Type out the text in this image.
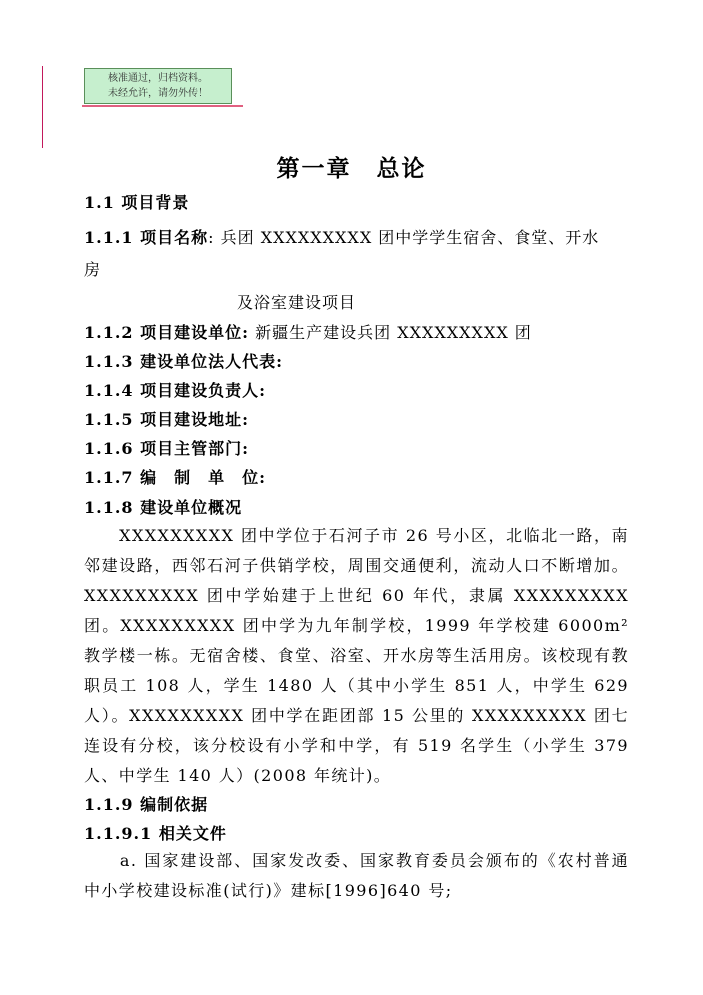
核准通过，归档资料。
未经允许，请勿外传！
第一章　总论
1.1 项目背景
1.1.1 项目名称: 兵团 XXXXXXXXX 团中学学生宿舍、食堂、开水
房
及浴室建设项目
1.1.2 项目建设单位: 新疆生产建设兵团 XXXXXXXXX 团
1.1.3 建设单位法人代表:
1.1.4 项目建设负责人:
1.1.5 项目建设地址:
1.1.6 项目主管部门:
1.1.7 编　制　单　位:
1.1.8 建设单位概况
　　XXXXXXXXX 团中学位于石河子市 26 号小区，北临北一路，南邻建设路，西邻石河子供销学校，周围交通便利，流动人口不断增加。XXXXXXXXX 团中学始建于上世纪 60 年代，隶属 XXXXXXXXX 团。XXXXXXXXX 团中学为九年制学校，1999 年学校建 6000m² 教学楼一栋。无宿舍楼、食堂、浴室、开水房等生活用房。该校现有教职员工 108 人，学生 1480 人（其中小学生 851 人，中学生 629 人）。XXXXXXXXX 团中学在距团部 15 公里的 XXXXXXXXX 团七连设有分校，该分校设有小学和中学，有 519 名学生（小学生 379 人、中学生 140 人）(2008 年统计)。
1.1.9 编制依据
1.1.9.1 相关文件
　　a. 国家建设部、国家发改委、国家教育委员会颁布的《农村普通中小学校建设标准(试行)》建标[1996]640 号;
